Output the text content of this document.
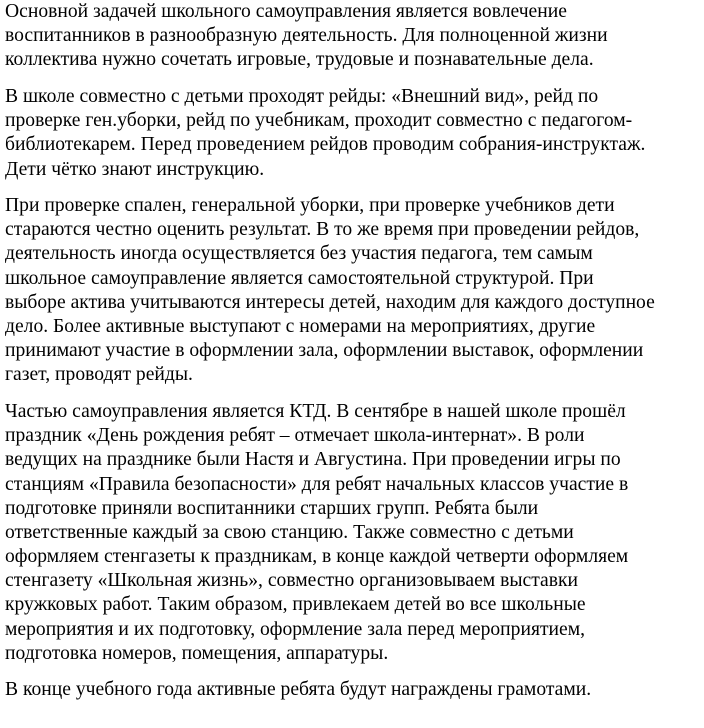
Основной задачей школьного самоуправления является вовлечение
воспитанников в разнообразную деятельность. Для полноценной жизни
коллектива нужно сочетать игровые, трудовые и познавательные дела.

В школе совместно с детьми проходят рейды: «Внешний вид», рейд по
проверке ген.уборки, рейд по учебникам, проходит совместно с педагогом-
библиотекарем. Перед проведением рейдов проводим собрания-инструктаж.
Дети чётко знают инструкцию.

При проверке спален, генеральной уборки, при проверке учебников дети
стараются честно оценить результат. В то же время при проведении рейдов,
деятельность иногда осуществляется без участия педагога, тем самым
школьное самоуправление является самостоятельной структурой. При
выборе актива учитываются интересы детей, находим для каждого доступное
дело. Более активные выступают с номерами на мероприятиях, другие
принимают участие в оформлении зала, оформлении выставок, оформлении
газет, проводят рейды.

Частью самоуправления является КТД. В сентябре в нашей школе прошёл
праздник «День рождения ребят – отмечает школа-интернат». В роли
ведущих на празднике были Настя и Августина. При проведении игры по
станциям «Правила безопасности» для ребят начальных классов участие в
подготовке приняли воспитанники старших групп. Ребята были
ответственные каждый за свою станцию. Также совместно с детьми
оформляем стенгазеты к праздникам, в конце каждой четверти оформляем
стенгазету «Школьная жизнь», совместно организовываем выставки
кружковых работ. Таким образом, привлекаем детей во все школьные
мероприятия и их подготовку, оформление зала перед мероприятием,
подготовка номеров, помещения, аппаратуры.

В конце учебного года активные ребята будут награждены грамотами.
